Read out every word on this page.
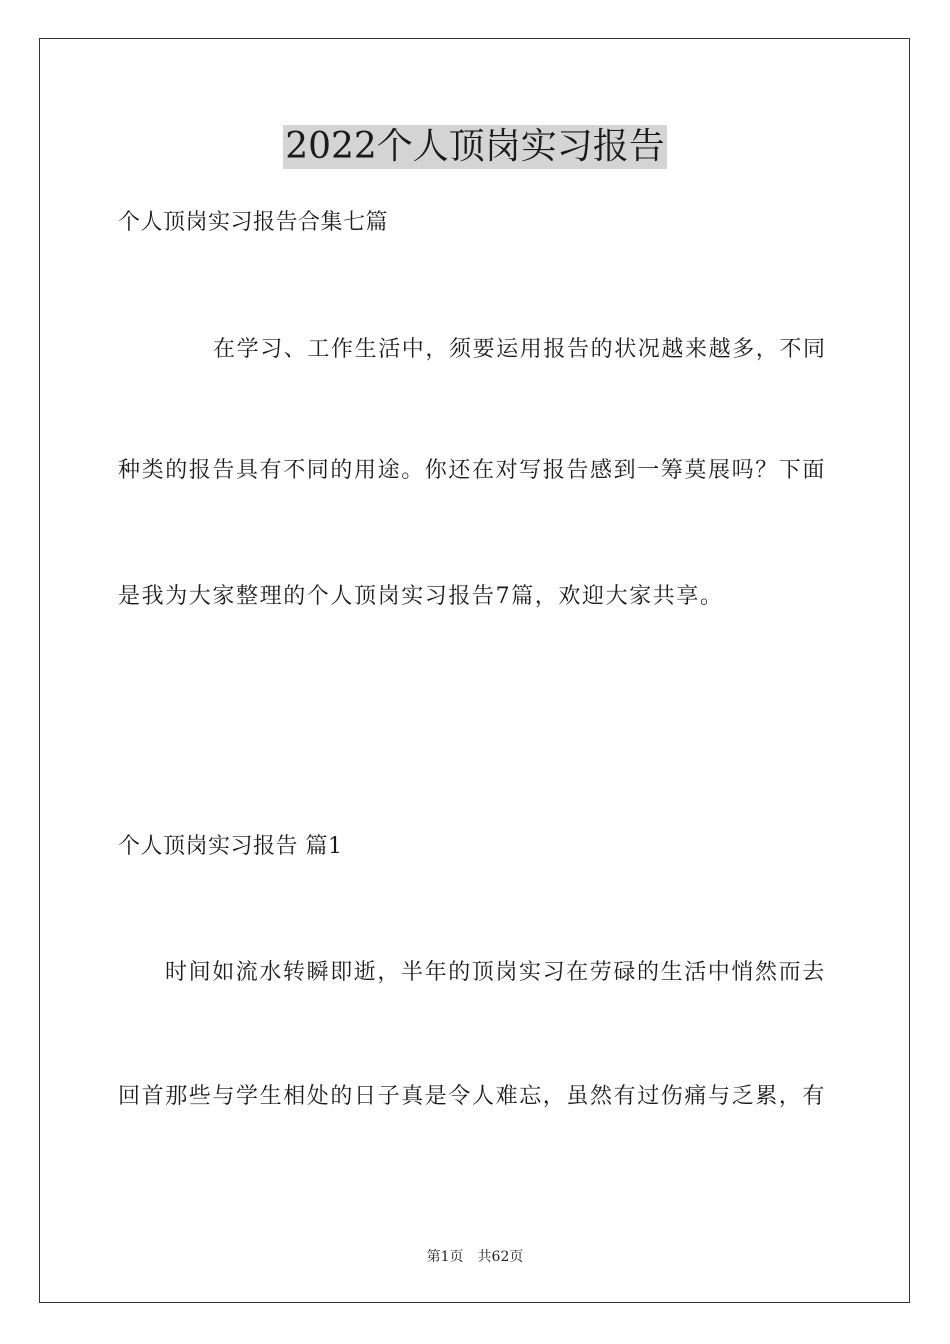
2022个人顶岗实习报告
个人顶岗实习报告合集七篇
在学习、工作生活中，须要运用报告的状况越来越多，不同
种类的报告具有不同的用途。你还在对写报告感到一筹莫展吗？下面
是我为大家整理的个人顶岗实习报告7篇，欢迎大家共享。
个人顶岗实习报告 篇1
时间如流水转瞬即逝，半年的顶岗实习在劳碌的生活中悄然而去
回首那些与学生相处的日子真是令人难忘，虽然有过伤痛与乏累，有
第1页 共62页
